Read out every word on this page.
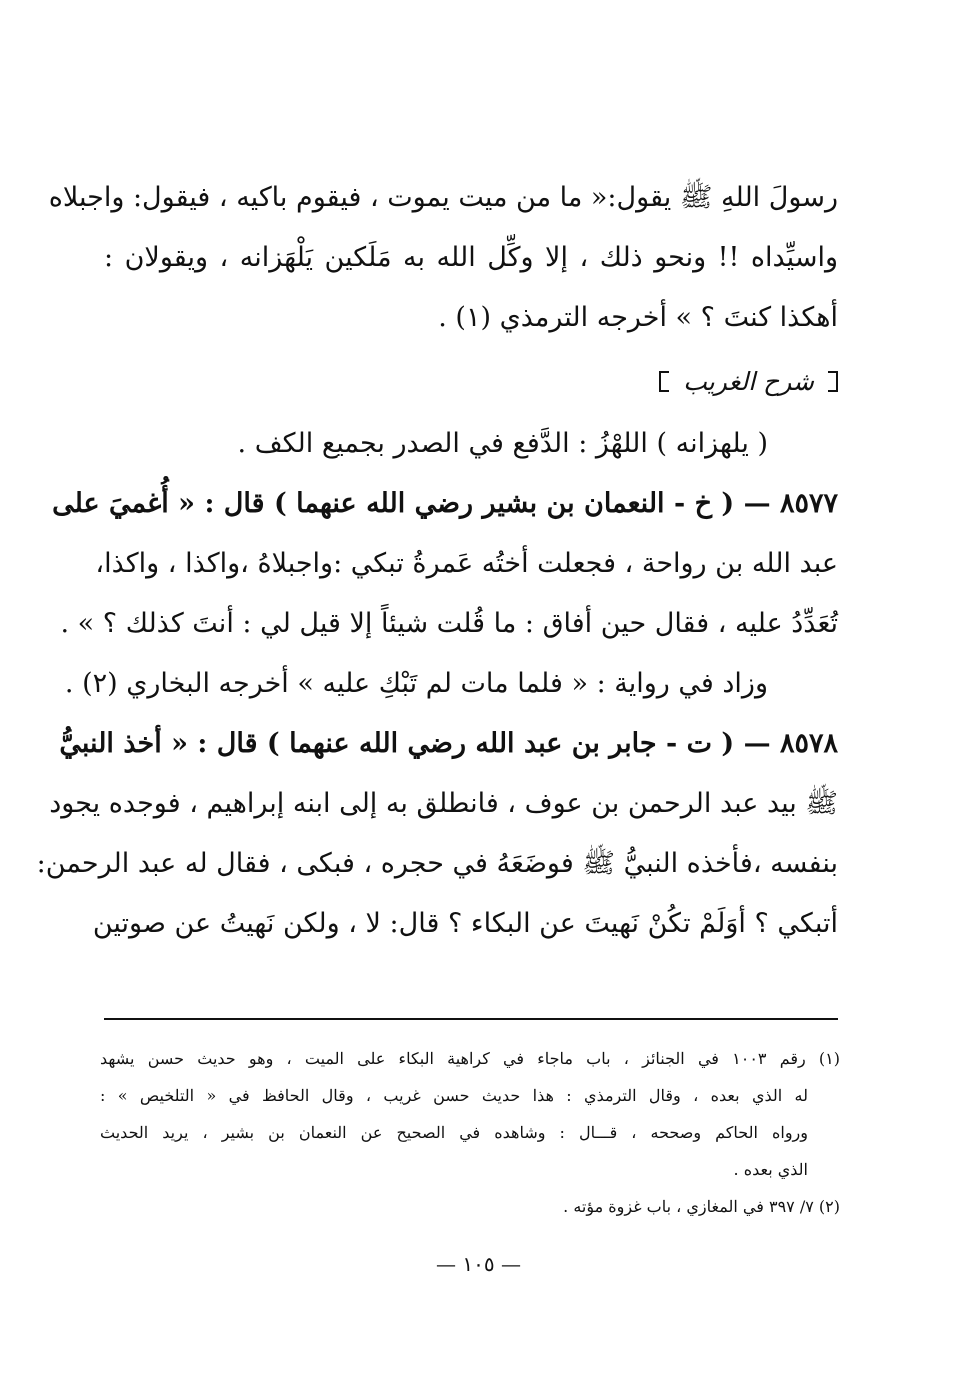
رسولَ اللهِ ﷺ يقول:« ما من ميت يموت ، فيقوم باكيه ، فيقول: واجبلاه
واسيِّداه !! ونحو ذلك ، إلا وكِّل الله به مَلَكين يَلْهَزانه ، ويقولان :
أهكذا كنتَ ؟ » أخرجه الترمذي (١) .
شرح الغريب
( يلهزانه ) اللهْزُ : الدَّفع في الصدر بجميع الكف .
٨٥٧٧ — ( خ - النعمان بن بشير رضي الله عنهما ) قال : « أُغميَ على
عبد الله بن رواحة ، فجعلت أختُه عَمرةُ تبكي :واجبلاهُ ،واكذا ، واكذا،
تُعَدِّدُ عليه ، فقال حين أفاق : ما قُلت شيئاً إلا قيل لي : أنتَ كذلك ؟ » .
وزاد في رواية : « فلما مات لم تَبْكِ عليه » أخرجه البخاري (٢) .
٨٥٧٨ — ( ت - جابر بن عبد الله رضي الله عنهما ) قال : « أخذ النبيُّ
ﷺ بيد عبد الرحمن بن عوف ، فانطلق به إلى ابنه إبراهيم ، فوجده يجود
بنفسه ،فأخذه النبيُّ ﷺ فوضَعَهُ في حجره ، فبكى ، فقال له عبد الرحمن:
أتبكي ؟ أوَلَمْ تكُنْ نَهيتَ عن البكاء ؟ قال: لا ، ولكن نَهيتُ عن صوتين
(١) رقم ١٠٠٣ في الجنائز ، باب ماجاء في كراهية البكاء على الميت ، وهو حديث حسن يشهد
له الذي بعده ، وقال الترمذي : هذا حديث حسن غريب ، وقال الحافظ في « التلخيص » :
ورواه الحاكم وصححه ، قـــال : وشاهده في الصحيح عن النعمان بن بشير ، يريد الحديث
الذي بعده .
(٢) ٧/ ٣٩٧ في المغازي ، باب غزوة مؤته .
— ١٠٥ —
